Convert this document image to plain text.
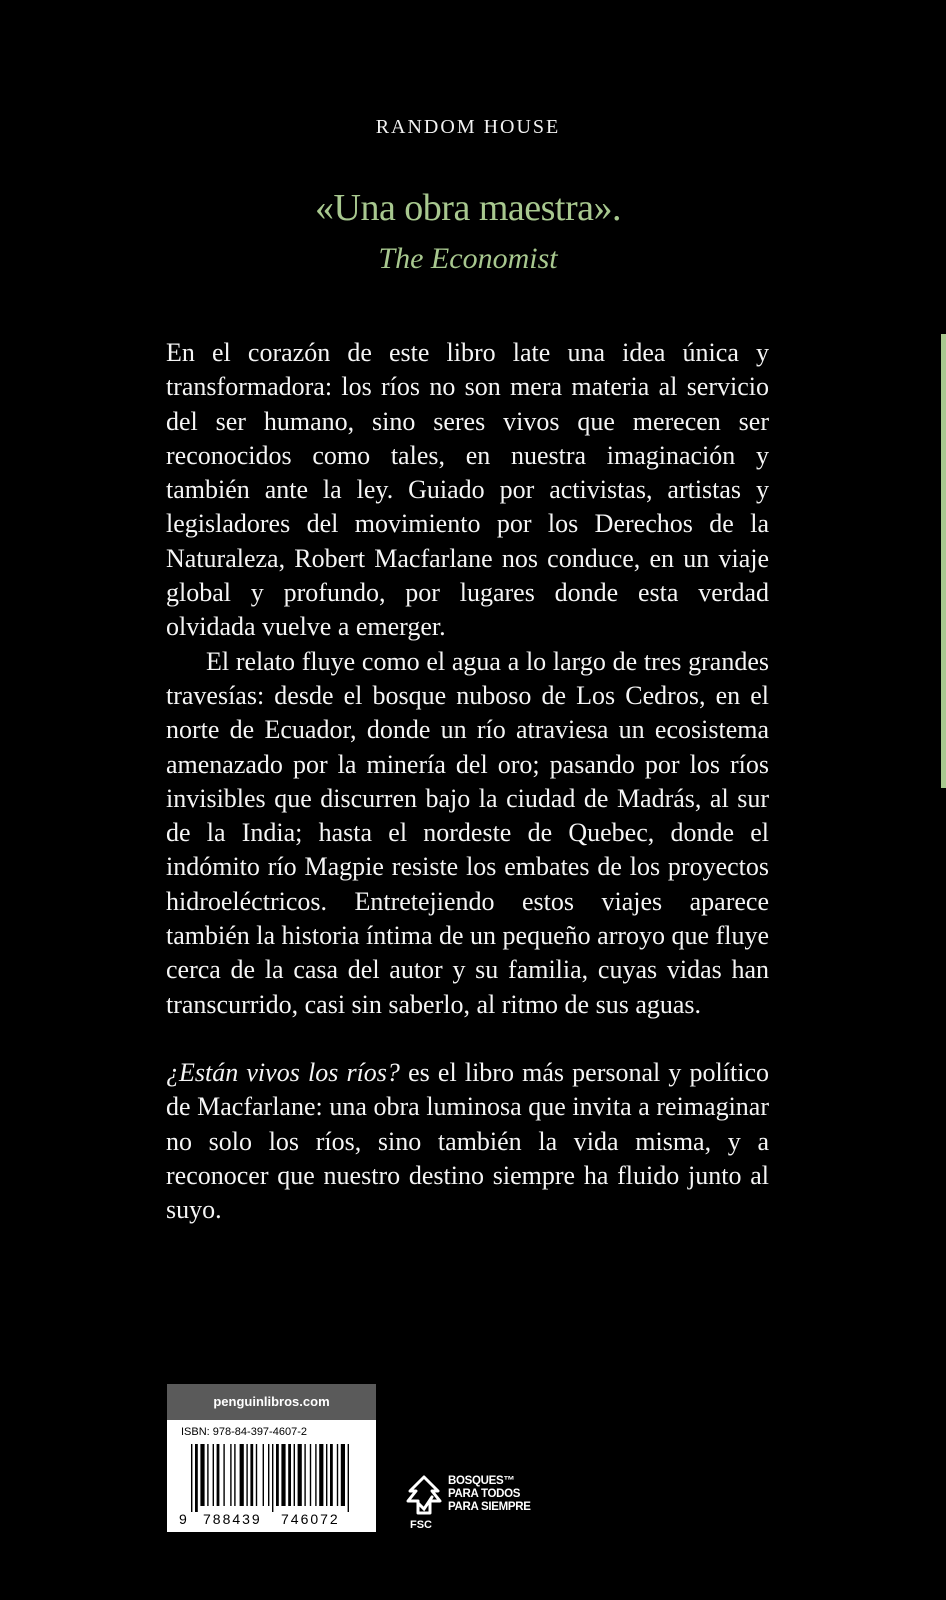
RANDOM HOUSE
«Una obra maestra».
The Economist

En el corazón de este libro late una idea única y transformadora: los ríos no son mera materia al servicio del ser humano, sino seres vivos que merecen ser reconocidos como tales, en nuestra imaginación y también ante la ley. Guiado por activistas, artistas y legisladores del movimiento por los Derechos de la Naturaleza, Robert Macfarlane nos conduce, en un viaje global y profundo, por lugares donde esta verdad olvidada vuelve a emerger.

El relato fluye como el agua a lo largo de tres grandes travesías: desde el bosque nuboso de Los Cedros, en el norte de Ecuador, donde un río atraviesa un ecosistema amenazado por la minería del oro; pasando por los ríos invisibles que discurren bajo la ciudad de Madrás, al sur de la India; hasta el nordeste de Quebec, donde el indómito río Magpie resiste los embates de los proyectos hidroeléctricos. Entretejiendo estos viajes aparece también la historia íntima de un pequeño arroyo que fluye cerca de la casa del autor y su familia, cuyas vidas han transcurrido, casi sin saberlo, al ritmo de sus aguas.

¿Están vivos los ríos? es el libro más personal y político de Macfarlane: una obra luminosa que invita a reimaginar no solo los ríos, sino también la vida misma, y a reconocer que nuestro destino siempre ha fluido junto al suyo.

penguinlibros.com
ISBN: 978-84-397-4607-2
9 788439 746072
BOSQUES™
PARA TODOS
PARA SIEMPRE
FSC
